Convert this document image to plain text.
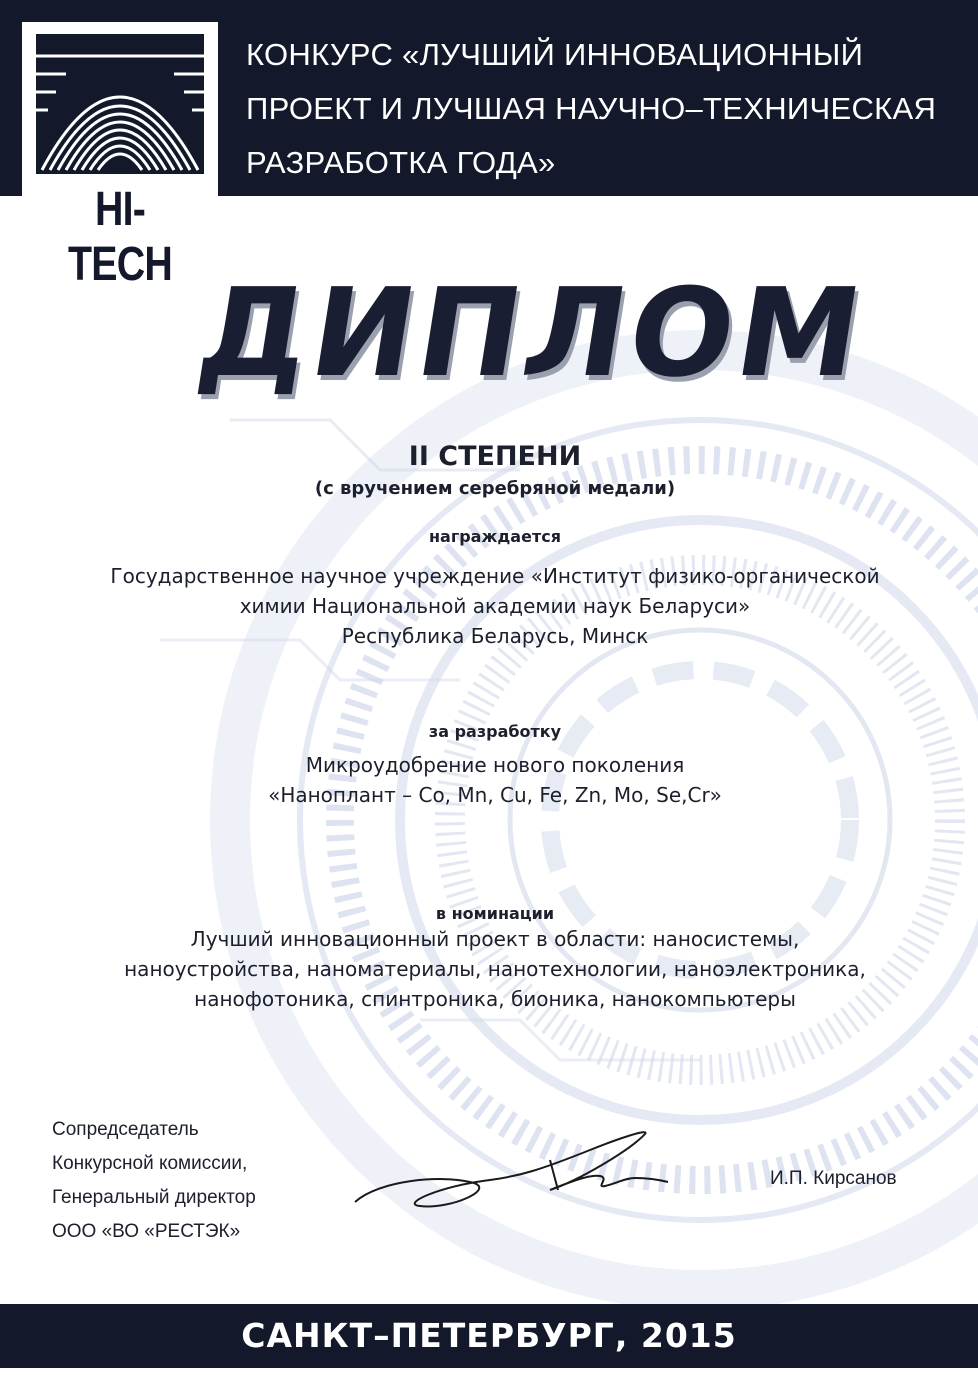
HI-TECH
КОНКУРС «ЛУЧШИЙ ИННОВАЦИОННЫЙ
ПРОЕКТ И ЛУЧШАЯ НАУЧНО–ТЕХНИЧЕСКАЯ
РАЗРАБОТКА ГОДА»
ДИПЛОМ
II СТЕПЕНИ
(с вручением серебряной медали)
награждается
Государственное научное учреждение «Институт физико-органической
химии Национальной академии наук Беларуси»
Республика Беларусь, Минск
за разработку
Микроудобрение нового поколения
«Наноплант – Co, Mn, Cu, Fe, Zn, Mo, Se,Cr»
в номинации
Лучший инновационный проект в области: наносистемы,
наноустройства, наноматериалы, нанотехнологии, наноэлектроника,
нанофотоника, спинтроника, бионика, нанокомпьютеры
Сопредседатель
Конкурсной комиссии,
Генеральный директор
ООО «ВО «РЕСТЭК»
И.П. Кирсанов
САНКТ–ПЕТЕРБУРГ, 2015
